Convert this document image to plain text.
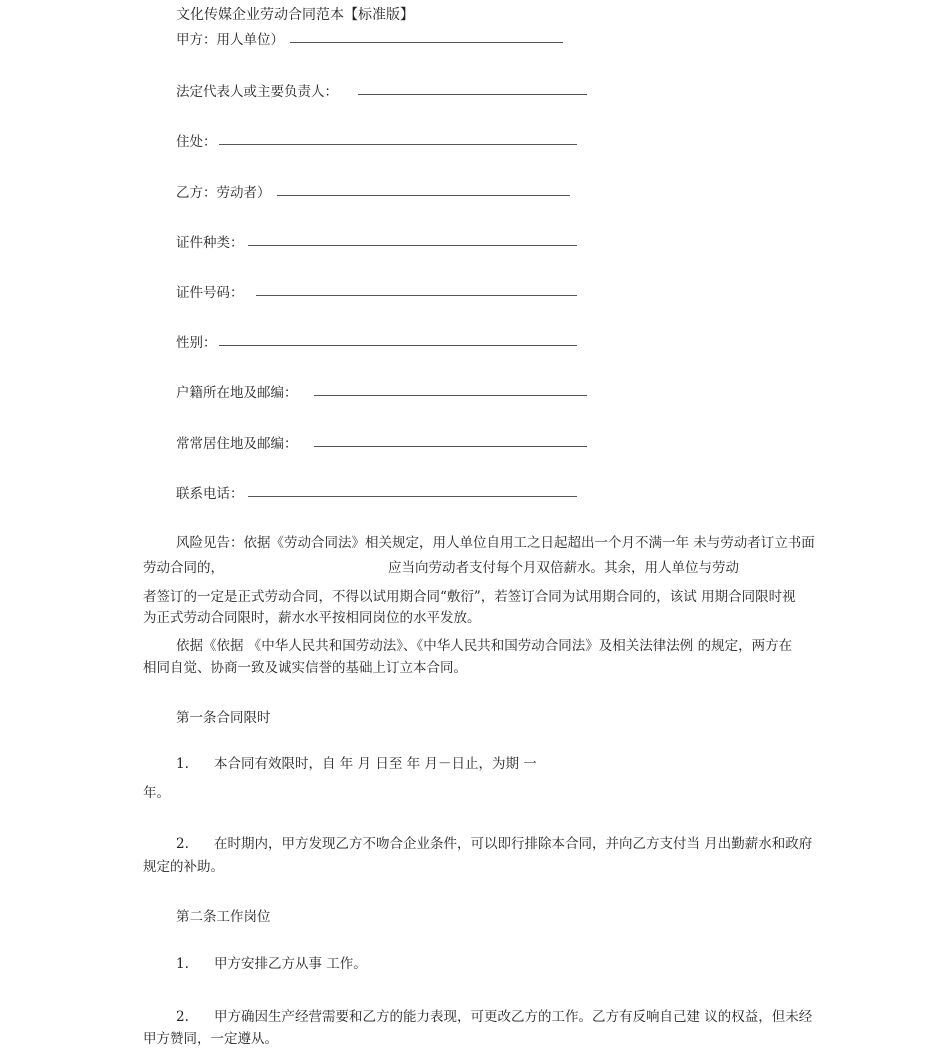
文化传媒企业劳动合同范本【标准版】
甲方：用人单位）
法定代表人或主要负责人：
住处：
乙方：劳动者）
证件种类：
证件号码：
性别：
户籍所在地及邮编：
常常居住地及邮编：
联系电话：
风险见告：依据《劳动合同法》相关规定，用人单位自用工之日起超出一个月不满一年 未与劳动者订立书面
劳动合同的，	应当向劳动者支付每个月双倍薪水。其余，用人单位与劳动
者签订的一定是正式劳动合同，不得以试用期合同“敷衍”，若签订合同为试用期合同的，该试 用期合同限时视
为正式劳动合同限时，薪水水平按相同岗位的水平发放。
依据《依据 《中华人民共和国劳动法》、《中华人民共和国劳动合同法》及相关法律法例 的规定，两方在
相同自觉、协商一致及诚实信誉的基础上订立本合同。
第一条合同限时
1. 本合同有效限时，自 年 月 日至 年 月－日止，为期 一
年。
2. 在时期内，甲方发现乙方不吻合企业条件，可以即行排除本合同，并向乙方支付当 月出勤薪水和政府
规定的补助。
第二条工作岗位
1. 甲方安排乙方从事 工作。
2. 甲方确因生产经营需要和乙方的能力表现，可更改乙方的工作。乙方有反响自己建 议的权益，但未经
甲方赞同，一定遵从。
